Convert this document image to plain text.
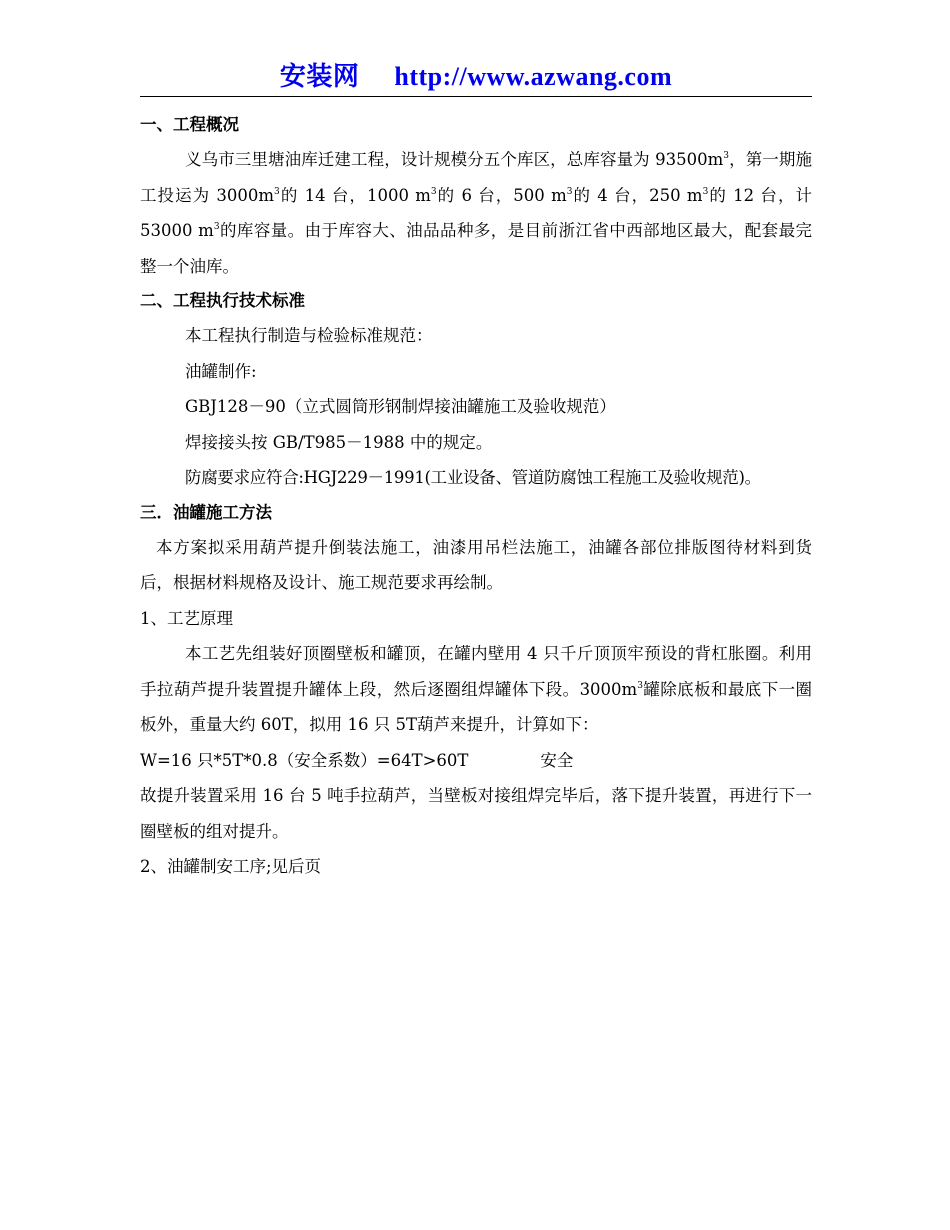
安装网 http://www.azwang.com

一、工程概况

义乌市三里塘油库迁建工程，设计规模分五个库区，总库容量为 $93500m^3$，第一期施工投运为 $3000m^3$的 14 台，1000 $m^3$的 6 台，500 $m^3$的 4 台，250 $m^3$的 12 台，计 53000 $m^3$的库容量。由于库容大、油品品种多，是目前浙江省中西部地区最大，配套最完整一个油库。

二、工程执行技术标准

本工程执行制造与检验标准规范：

油罐制作:

GBJ128－90（立式圆筒形钢制焊接油罐施工及验收规范）

焊接接头按 GB/T985－1988 中的规定。

防腐要求应符合:HGJ229－1991(工业设备、管道防腐蚀工程施工及验收规范)。

三．油罐施工方法

本方案拟采用葫芦提升倒装法施工，油漆用吊栏法施工，油罐各部位排版图待材料到货后，根据材料规格及设计、施工规范要求再绘制。

1、工艺原理

本工艺先组装好顶圈壁板和罐顶，在罐内壁用 4 只千斤顶顶牢预设的背杠胀圈。利用手拉葫芦提升装置提升罐体上段，然后逐圈组焊罐体下段。$3000m^3$罐除底板和最底下一圈板外，重量大约 60T，拟用 16 只 5T葫芦来提升，计算如下：

W=16 只*5T*0.8（安全系数）=64T>60T	安全

故提升装置采用 16 台 5 吨手拉葫芦，当壁板对接组焊完毕后，落下提升装置，再进行下一圈壁板的组对提升。

2、油罐制安工序;见后页
